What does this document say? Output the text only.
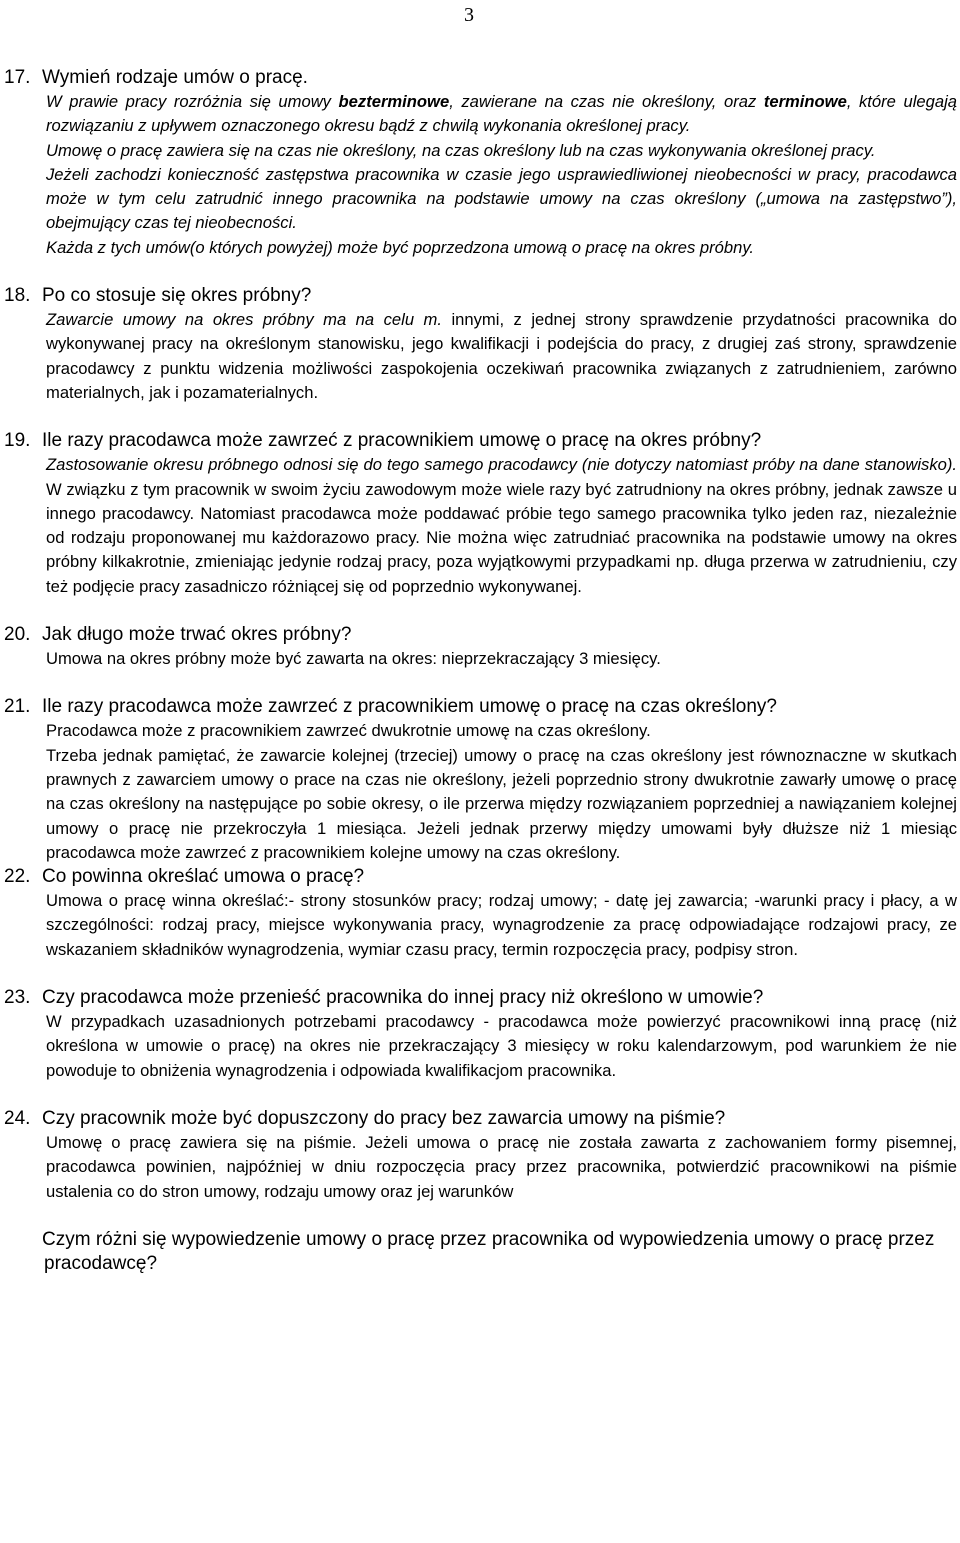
3
17. Wymień rodzaje umów o pracę.
W prawie pracy rozróżnia się umowy bezterminowe, zawierane na czas nie określony, oraz terminowe, które ulegają rozwiązaniu z upływem oznaczonego okresu bądź z chwilą wykonania określonej pracy.
Umowę o pracę zawiera się na czas nie określony, na czas określony lub na czas wykonywania określonej pracy.
Jeżeli zachodzi konieczność zastępstwa pracownika w czasie jego usprawiedliwionej nieobecności w pracy, pracodawca może w tym celu zatrudnić innego pracownika na podstawie umowy na czas określony („umowa na zastępstwo”), obejmujący czas tej nieobecności.
Każda z tych umów(o których powyżej) może być poprzedzona umową o pracę na okres próbny.
18. Po co stosuje się okres próbny?
Zawarcie umowy na okres próbny ma na celu m. innymi, z jednej strony sprawdzenie przydatności pracownika do wykonywanej pracy na określonym stanowisku, jego kwalifikacji i podejścia do pracy, z drugiej zaś strony, sprawdzenie pracodawcy z punktu widzenia możliwości zaspokojenia oczekiwań pracownika związanych z zatrudnieniem, zarówno materialnych, jak i pozamaterialnych.
19. Ile razy pracodawca może zawrzeć z pracownikiem umowę o pracę na okres próbny?
Zastosowanie okresu próbnego odnosi się do tego samego pracodawcy (nie dotyczy natomiast próby na dane stanowisko). W związku z tym pracownik w swoim życiu zawodowym może wiele razy być zatrudniony na okres próbny, jednak zawsze u innego pracodawcy. Natomiast pracodawca może poddawać próbie tego samego pracownika tylko jeden raz, niezależnie od rodzaju proponowanej mu każdorazowo pracy. Nie można więc zatrudniać pracownika na podstawie umowy na okres próbny kilkakrotnie, zmieniając jedynie rodzaj pracy, poza wyjątkowymi przypadkami np. długa przerwa w zatrudnieniu, czy też podjęcie pracy zasadniczo różniącej się od poprzednio wykonywanej.
20. Jak długo może trwać okres próbny?
Umowa na okres próbny może być zawarta na okres: nieprzekraczający 3 miesięcy.
21. Ile razy pracodawca może zawrzeć z pracownikiem umowę o pracę na czas określony?
Pracodawca może z pracownikiem zawrzeć dwukrotnie umowę na czas określony.
Trzeba jednak pamiętać, że zawarcie kolejnej (trzeciej) umowy o pracę na czas określony jest równoznaczne w skutkach prawnych z zawarciem umowy o prace na czas nie określony, jeżeli poprzednio strony dwukrotnie zawarły umowę o pracę na czas określony na następujące po sobie okresy, o ile przerwa między rozwiązaniem poprzedniej a nawiązaniem kolejnej umowy o pracę nie przekroczyła 1 miesiąca. Jeżeli jednak przerwy między umowami były dłuższe niż 1 miesiąc pracodawca może zawrzeć z pracownikiem kolejne umowy na czas określony.
22. Co powinna określać umowa o pracę?
Umowa o pracę winna określać:- strony stosunków pracy; rodzaj umowy; - datę jej zawarcia; -warunki pracy i płacy, a w szczególności: rodzaj pracy, miejsce wykonywania pracy, wynagrodzenie za pracę odpowiadające rodzajowi pracy, ze wskazaniem składników wynagrodzenia, wymiar czasu pracy, termin rozpoczęcia pracy, podpisy stron.
23. Czy pracodawca może przenieść pracownika do innej pracy niż określono w umowie?
W przypadkach uzasadnionych potrzebami pracodawcy - pracodawca może powierzyć pracownikowi inną pracę (niż określona w umowie o pracę) na okres nie przekraczający 3 miesięcy w roku kalendarzowym, pod warunkiem że nie powoduje to obniżenia wynagrodzenia i odpowiada kwalifikacjom pracownika.
24. Czy pracownik może być dopuszczony do pracy bez zawarcia umowy na piśmie?
Umowę o pracę zawiera się na piśmie. Jeżeli umowa o pracę nie została zawarta z zachowaniem formy pisemnej, pracodawca powinien, najpóźniej w dniu rozpoczęcia pracy przez pracownika, potwierdzić pracownikowi na piśmie ustalenia co do stron umowy, rodzaju umowy oraz jej warunków
Czym różni się wypowiedzenie umowy o pracę przez pracownika od wypowiedzenia umowy o pracę przez pracodawcę?
